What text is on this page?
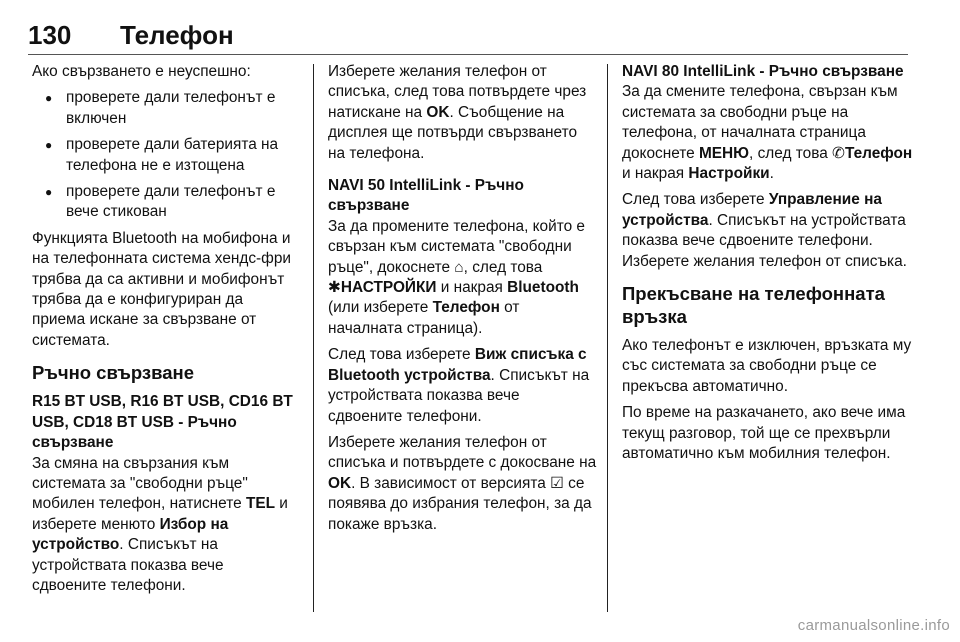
130 Телефон

Ако свързването е неуспешно:

● проверете дали телефонът е включен
● проверете дали батерията на телефона не е изтощена
● проверете дали телефонът е вече стикован

Функцията Bluetooth на мобифона и на телефонната система хендс-фри трябва да са активни и мобифонът трябва да е конфигуриран да приема искане за свързване от системата.

Ръчно свързване
R15 BT USB, R16 BT USB, CD16 BT USB, CD18 BT USB - Ръчно свързване

За смяна на свързания към системата за "свободни ръце" мобилен телефон, натиснете TEL и изберете менюто Избор на устройство. Списъкът на устройствата показва вече сдвоените телефони.

Изберете желания телефон от списъка, след това потвърдете чрез натискане на OK. Съобщение на дисплея ще потвърди свързването на телефона.

NAVI 50 IntelliLink - Ръчно свързване

За да промените телефона, който е свързан към системата "свободни ръце", докоснете ⌂, след това ✱НАСТРОЙКИ и накрая Bluetooth (или изберете Телефон от началната страница).

След това изберете Виж списъка с Bluetooth устройства. Списъкът на устройствата показва вече сдвоените телефони.

Изберете желания телефон от списъка и потвърдете с докосване на OK. В зависимост от версията ☑ се появява до избрания телефон, за да покаже връзка.

NAVI 80 IntelliLink - Ръчно свързване

За да смените телефона, свързан към системата за свободни ръце на телефона, от началната страница докоснете МЕНЮ, след това ✆Телефон и накрая Настройки.

След това изберете Управление на устройства. Списъкът на устройствата показва вече сдвоените телефони. Изберете желания телефон от списъка.

Прекъсване на телефонната връзка

Ако телефонът е изключен, връзката му със системата за свободни ръце се прекъсва автоматично.

По време на разкачането, ако вече има текущ разговор, той ще се прехвърли автоматично към мобилния телефон.

carmanualsonline.info
